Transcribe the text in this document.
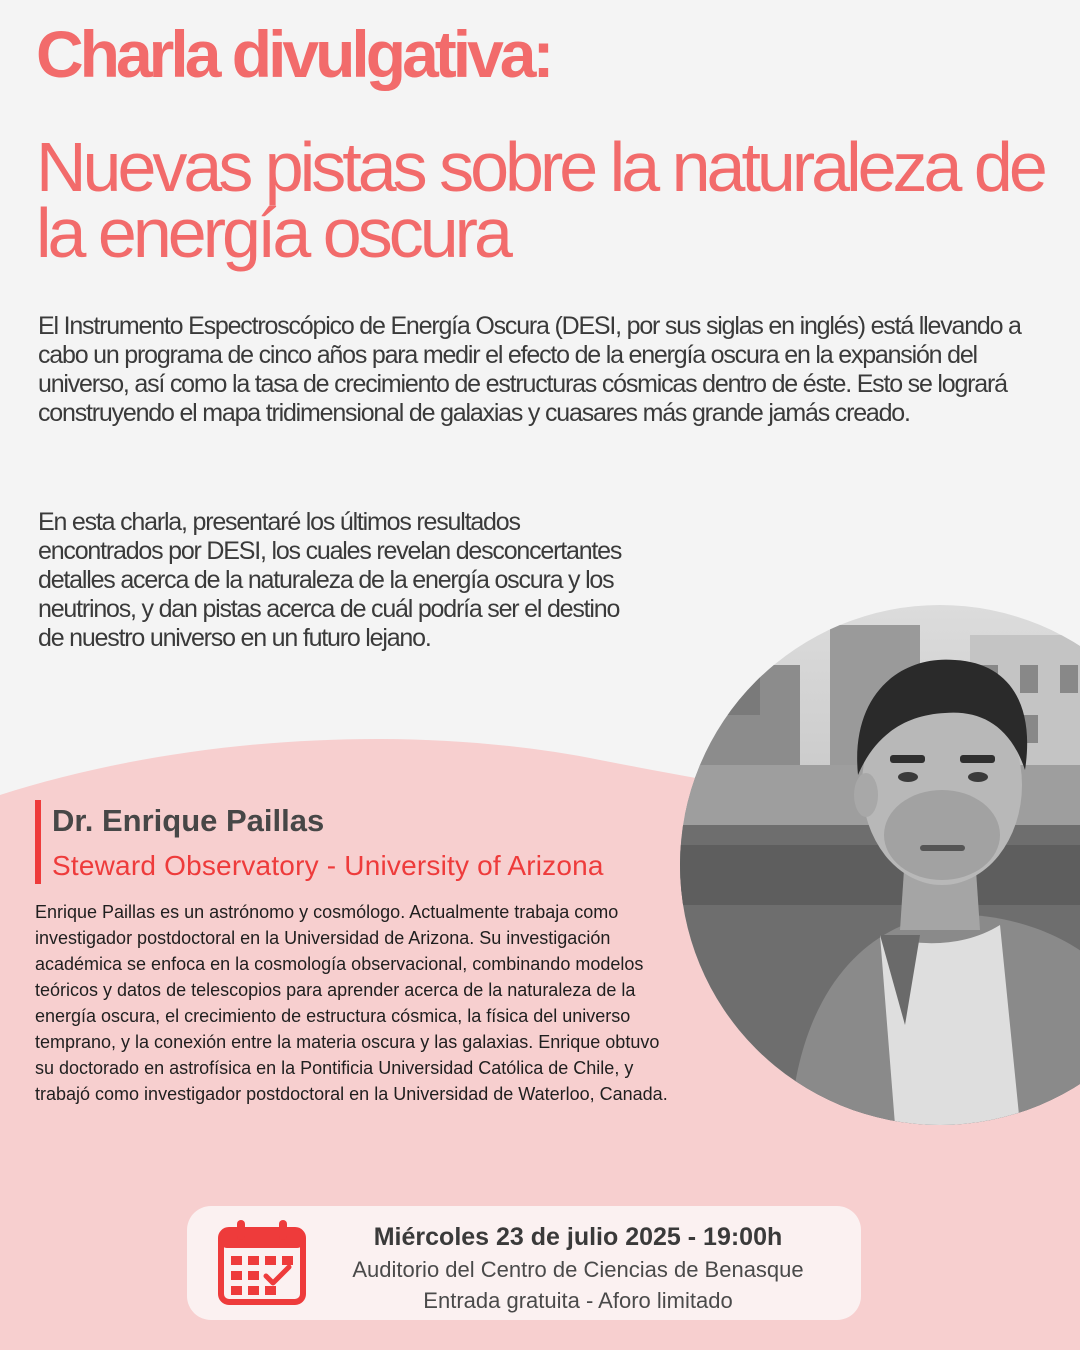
Charla divulgativa:
Nuevas pistas sobre la naturaleza de la energía oscura

El Instrumento Espectroscópico de Energía Oscura (DESI, por sus siglas en inglés) está llevando a cabo un programa de cinco años para medir el efecto de la energía oscura en la expansión del universo, así como la tasa de crecimiento de estructuras cósmicas dentro de éste. Esto se logrará construyendo el mapa tridimensional de galaxias y cuasares más grande jamás creado.

En esta charla, presentaré los últimos resultados encontrados por DESI, los cuales revelan desconcertantes detalles acerca de la naturaleza de la energía oscura y los neutrinos, y dan pistas acerca de cuál podría ser el destino de nuestro universo en un futuro lejano.

Dr. Enrique Paillas

Steward Observatory - University of Arizona

Enrique Paillas es un astrónomo y cosmólogo. Actualmente trabaja como investigador postdoctoral en la Universidad de Arizona. Su investigación académica se enfoca en la cosmología observacional, combinando modelos teóricos y datos de telescopios para aprender acerca de la naturaleza de la energía oscura, el crecimiento de estructura cósmica, la física del universo temprano, y la conexión entre la materia oscura y las galaxias. Enrique obtuvo su doctorado en astrofísica en la Pontificia Universidad Católica de Chile, y trabajó como investigador postdoctoral en la Universidad de Waterloo, Canada.

Miércoles 23 de julio 2025 - 19:00h
Auditorio del Centro de Ciencias de Benasque
Entrada gratuita - Aforo limitado
